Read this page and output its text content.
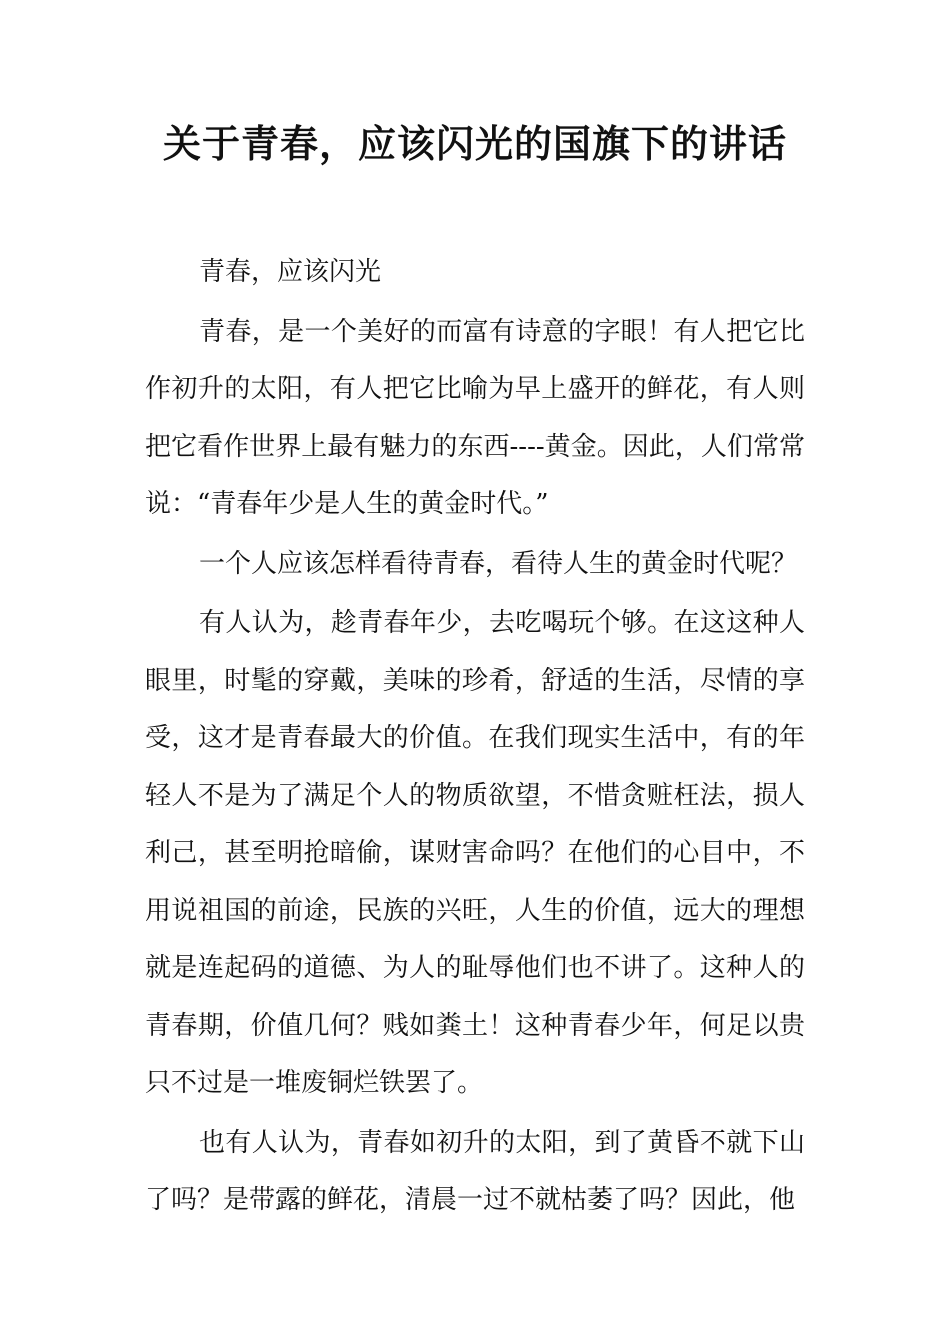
关于青春，应该闪光的国旗下的讲话

青春，应该闪光

青春，是一个美好的而富有诗意的字眼！有人把它比作初升的太阳，有人把它比喻为早上盛开的鲜花，有人则把它看作世界上最有魅力的东西----黄金。因此，人们常常说：“青春年少是人生的黄金时代。”

一个人应该怎样看待青春，看待人生的黄金时代呢？

有人认为，趁青春年少，去吃喝玩个够。在这这种人眼里，时髦的穿戴，美味的珍肴，舒适的生活，尽情的享受，这才是青春最大的价值。在我们现实生活中，有的年轻人不是为了满足个人的物质欲望，不惜贪赃枉法，损人利己，甚至明抢暗偷，谋财害命吗？在他们的心目中，不用说祖国的前途，民族的兴旺，人生的价值，远大的理想就是连起码的道德、为人的耻辱他们也不讲了。这种人的青春期，价值几何？贱如粪土！这种青春少年，何足以贵只不过是一堆废铜烂铁罢了。

也有人认为，青春如初升的太阳，到了黄昏不就下山了吗？是带露的鲜花，清晨一过不就枯萎了吗？因此，他
